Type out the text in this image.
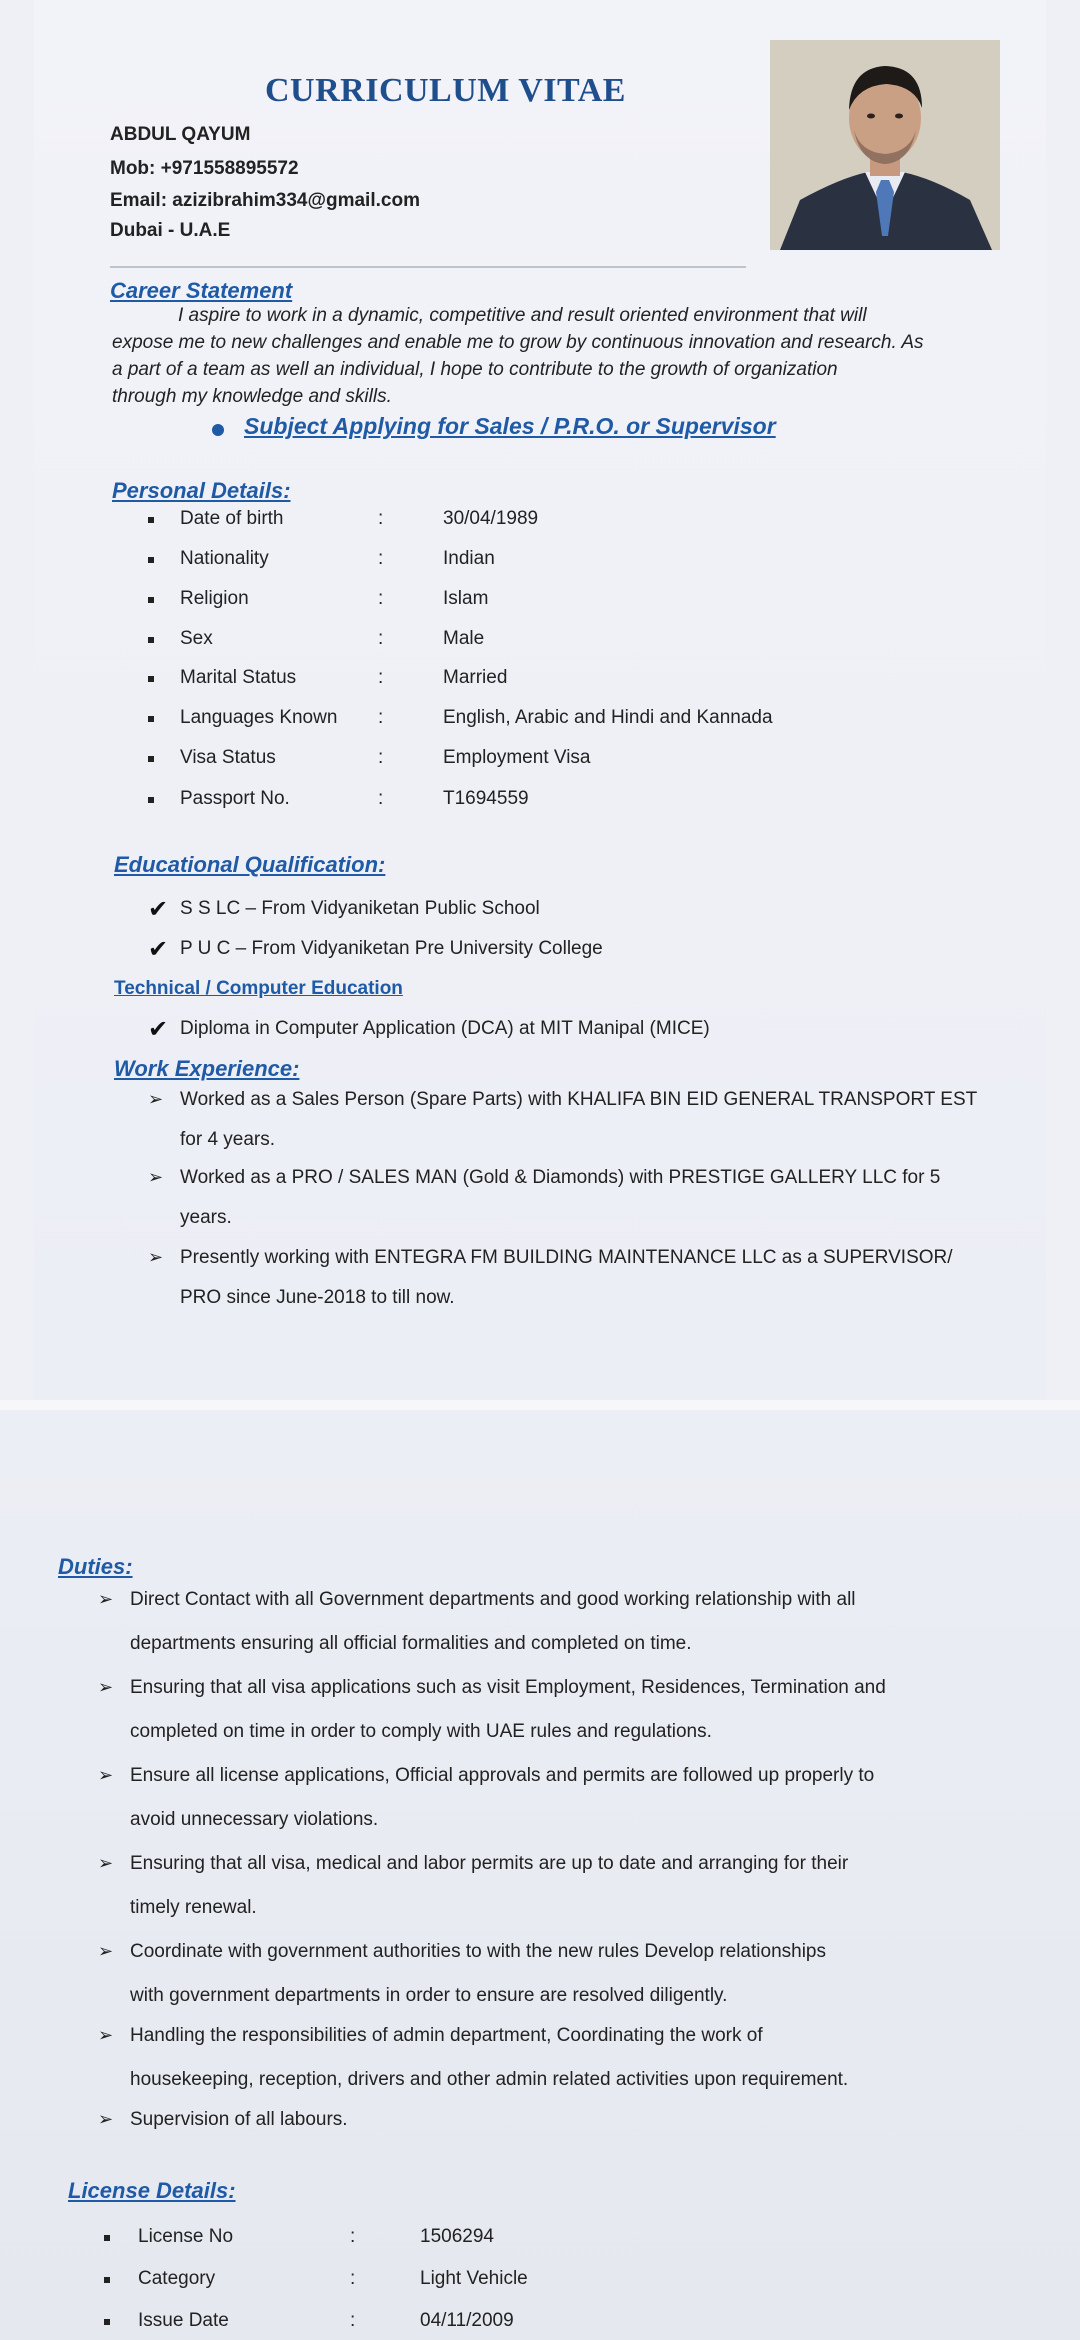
CURRICULUM VITAE
ABDUL QAYUM
Mob: +971558895572
Email: azizibrahim334@gmail.com
Dubai - U.A.E
Career Statement
I aspire to work in a dynamic, competitive and result oriented environment that will
expose me to new challenges and enable me to grow by continuous innovation and research. As
a part of a team as well an individual, I hope to contribute to the growth of organization
through my knowledge and skills.
Subject Applying for Sales / P.R.O. or Supervisor
Personal Details:
Date of birth	:	30/04/1989
Nationality	:	Indian
Religion	:	Islam
Sex	:	Male
Marital Status	:	Married
Languages Known :	English, Arabic and Hindi and Kannada
Visa Status	:	Employment Visa
Passport No.	:	T1694559
Educational Qualification:
✔ S S LC – From Vidyaniketan Public School
✔ P U C – From Vidyaniketan Pre University College
Technical / Computer Education
✔ Diploma in Computer Application (DCA) at MIT Manipal (MICE)
Work Experience:
➢ Worked as a Sales Person (Spare Parts) with KHALIFA BIN EID GENERAL TRANSPORT EST
for 4 years.
➢ Worked as a PRO / SALES MAN (Gold & Diamonds) with PRESTIGE GALLERY LLC for 5
years.
➢ Presently working with ENTEGRA FM BUILDING MAINTENANCE LLC as a SUPERVISOR/
PRO since June-2018 to till now.
Duties:
➢ Direct Contact with all Government departments and good working relationship with all
departments ensuring all official formalities and completed on time.
➢ Ensuring that all visa applications such as visit Employment, Residences, Termination and
completed on time in order to comply with UAE rules and regulations.
➢ Ensure all license applications, Official approvals and permits are followed up properly to
avoid unnecessary violations.
➢ Ensuring that all visa, medical and labor permits are up to date and arranging for their
timely renewal.
➢ Coordinate with government authorities to with the new rules Develop relationships
with government departments in order to ensure are resolved diligently.
➢ Handling the responsibilities of admin department, Coordinating the work of
housekeeping, reception, drivers and other admin related activities upon requirement.
➢ Supervision of all labours.
License Details:
License No	:	1506294
Category	:	Light Vehicle
Issue Date	:	04/11/2009
